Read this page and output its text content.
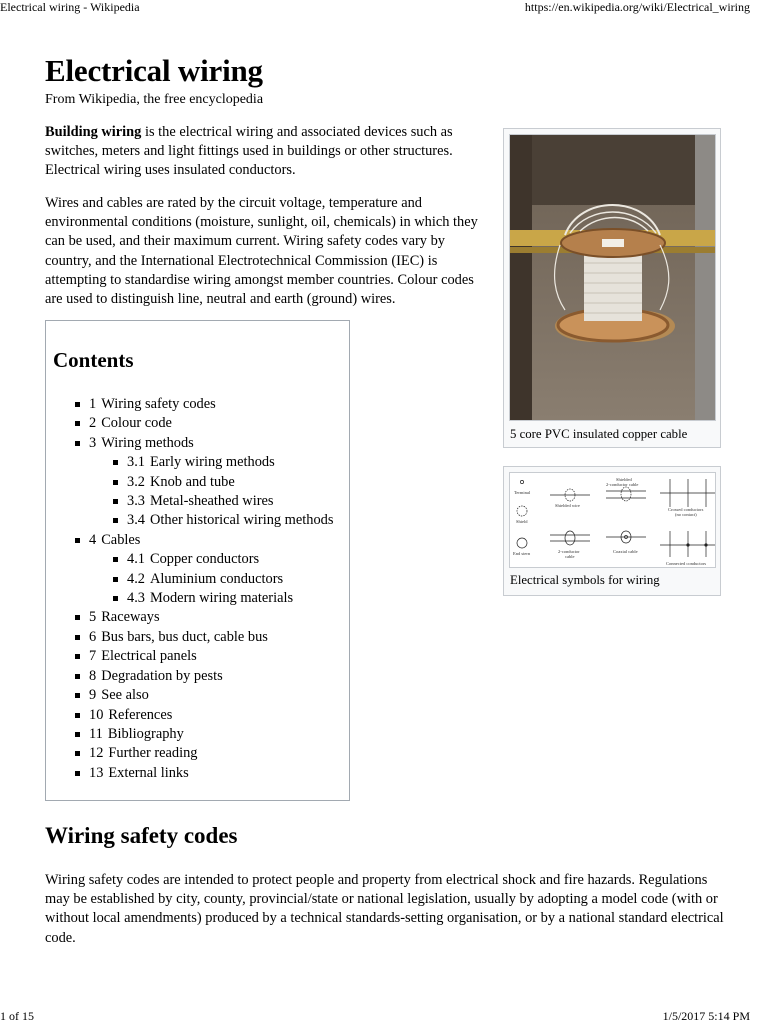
Electrical wiring - Wikipedia	https://en.wikipedia.org/wiki/Electrical_wiring
Electrical wiring
From Wikipedia, the free encyclopedia

Building wiring is the electrical wiring and associated devices such as switches, meters and light fittings used in buildings or other structures. Electrical wiring uses insulated conductors.

Wires and cables are rated by the circuit voltage, temperature and environmental conditions (moisture, sunlight, oil, chemicals) in which they can be used, and their maximum current. Wiring safety codes vary by country, and the International Electrotechnical Commission (IEC) is attempting to standardise wiring amongst member countries. Colour codes are used to distinguish line, neutral and earth (ground) wires.

5 core PVC insulated copper cable
Terminal
Shielded wire
Shielded
2-conductor cable
Crossed conductors
(no contact)
Shield
End stern	2-conductor
cable
Coaxial cable
Connected conductors
Electrical symbols for wiring
Contents
1 Wiring safety codes
2 Colour code
3 Wiring methods
3.1 Early wiring methods
3.2 Knob and tube
3.3 Metal-sheathed wires
3.4 Other historical wiring methods
4 Cables
4.1 Copper conductors
4.2 Aluminium conductors
4.3 Modern wiring materials
5 Raceways
6 Bus bars, bus duct, cable bus
7 Electrical panels
8 Degradation by pests
9 See also
10 References
11 Bibliography
12 Further reading
13 External links
Wiring safety codes

Wiring safety codes are intended to protect people and property from electrical shock and fire hazards. Regulations may be established by city, county, provincial/state or national legislation, usually by adopting a model code (with or without local amendments) produced by a technical standards-setting organisation, or by a national standard electrical code.

1 of 15	1/5/2017 5:14 PM
